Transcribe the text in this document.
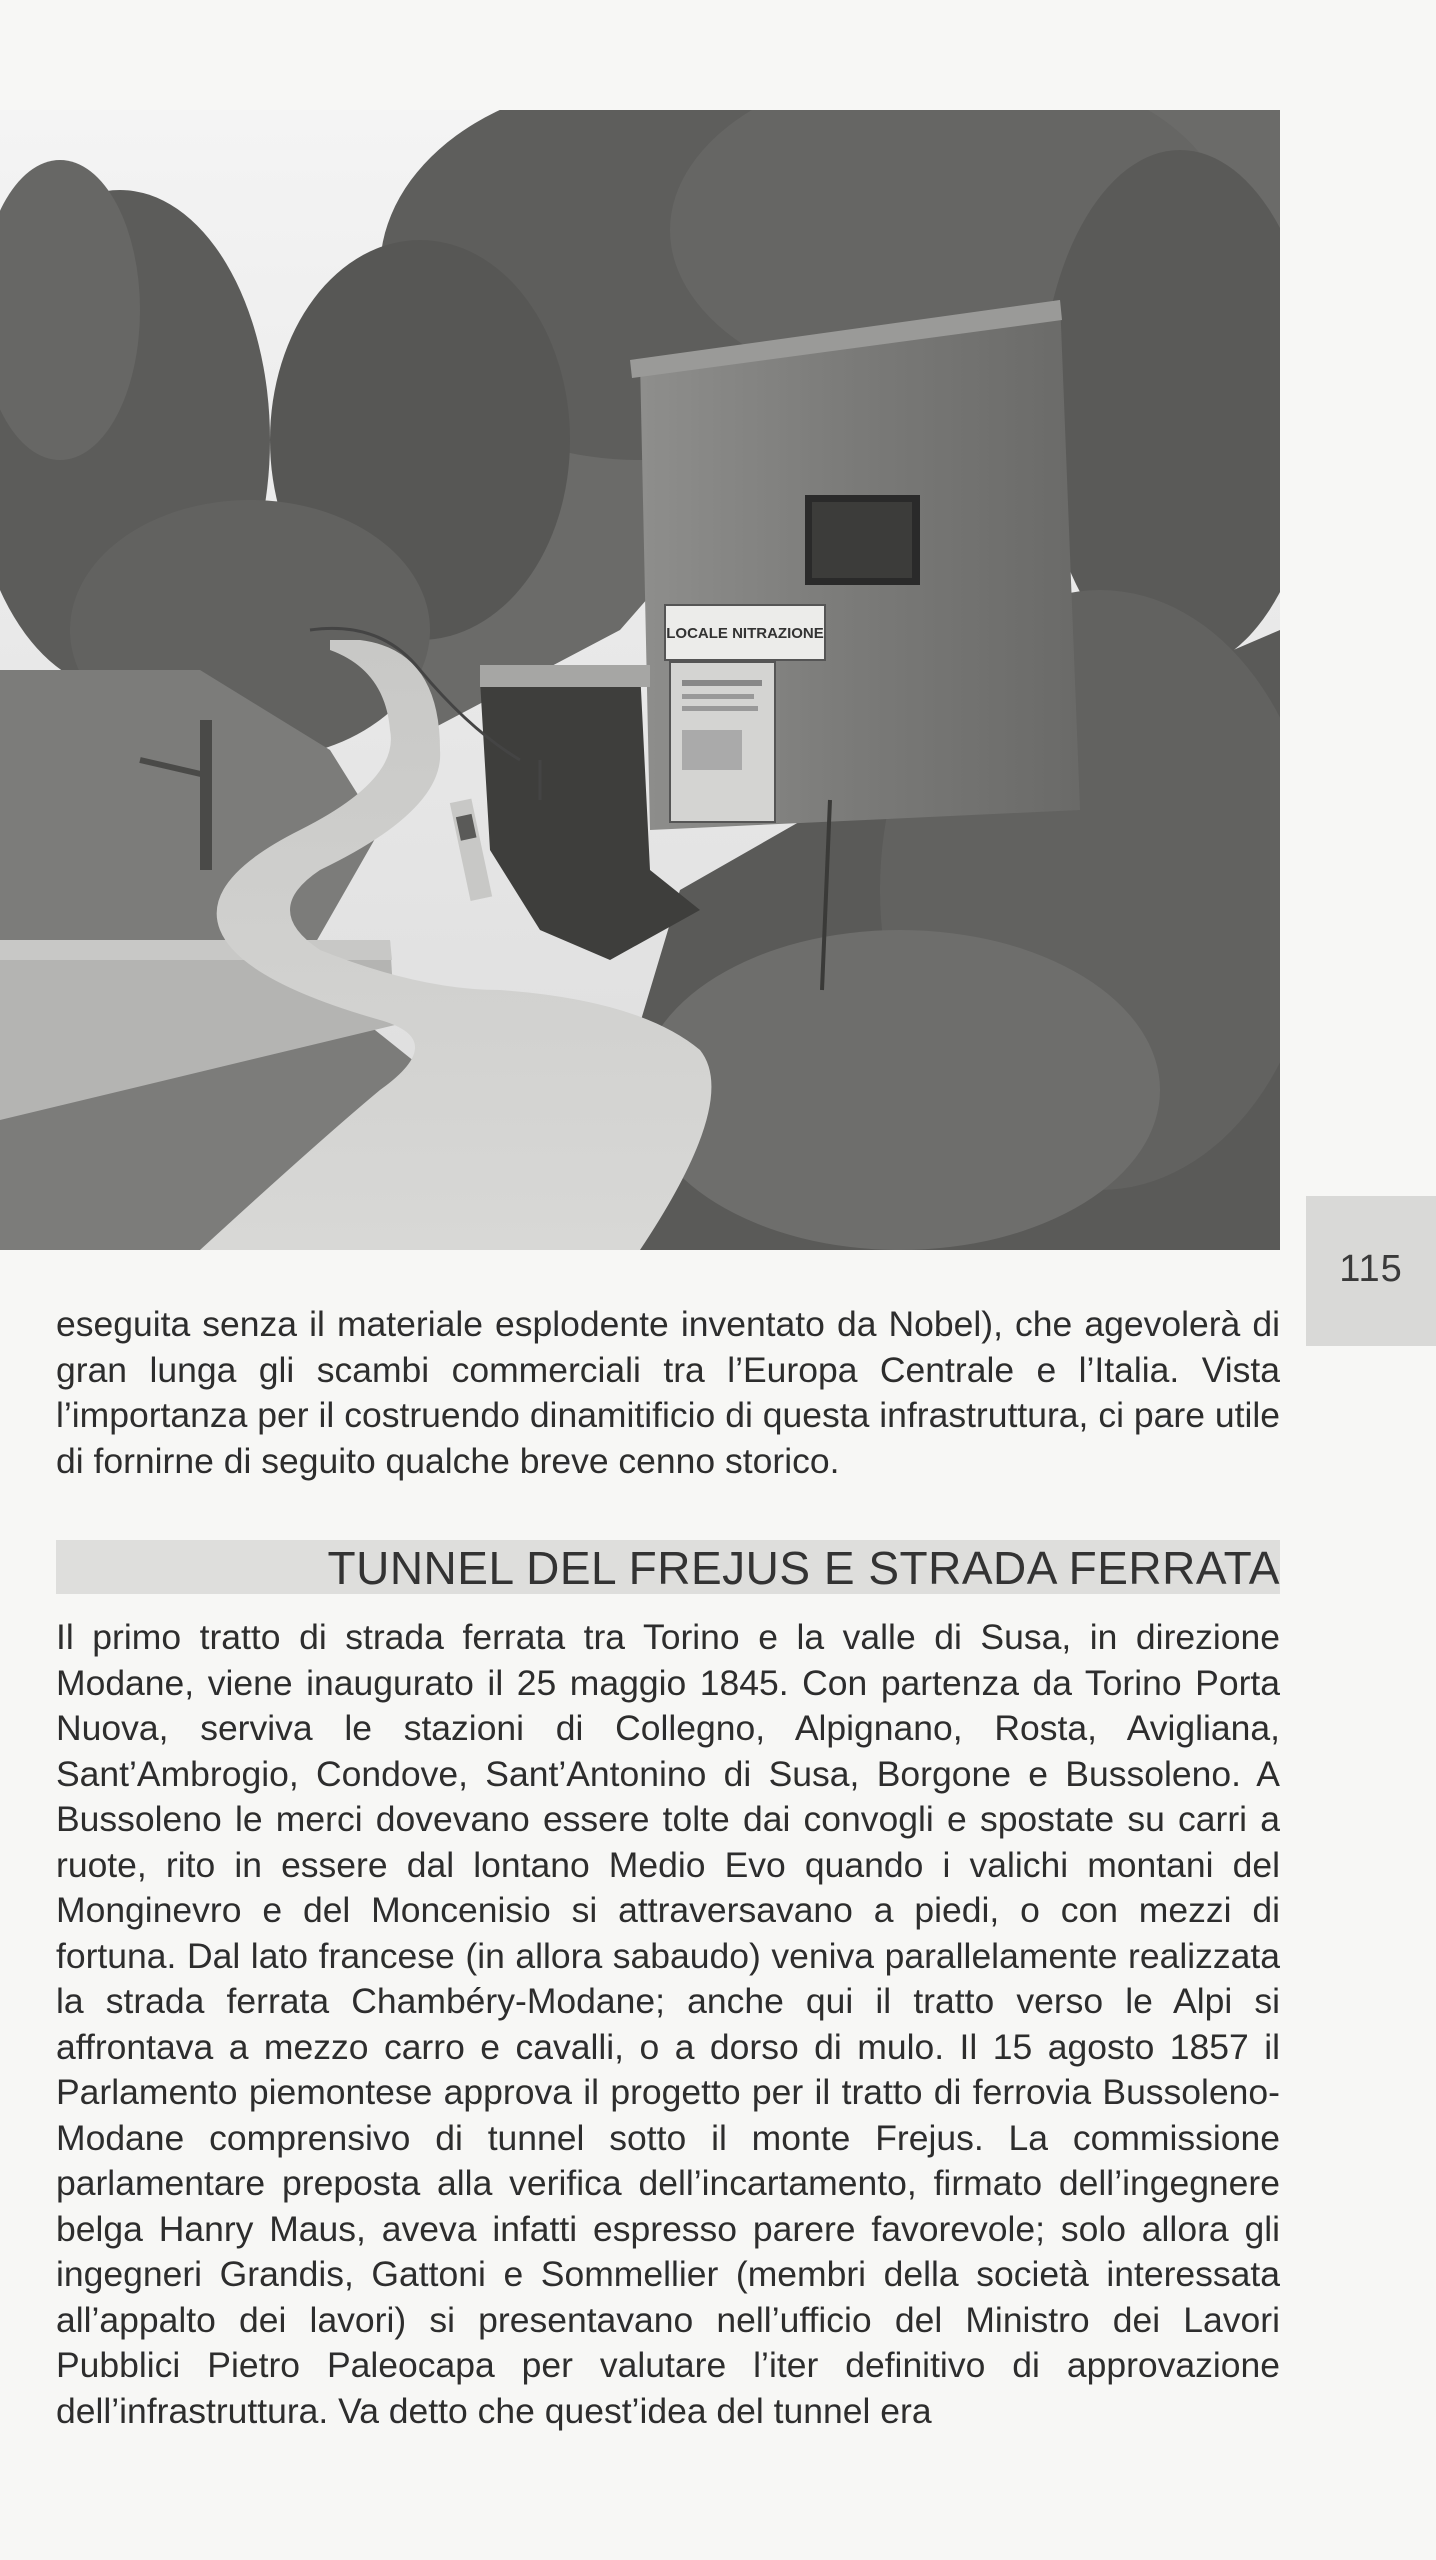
LOCALE NITRAZIONE
115

eseguita senza il materiale esplodente inventato da Nobel), che agevolerà di gran lunga gli scambi commerciali tra l’Europa Centrale e l’Italia. Vista l’importanza per il costruendo dinamitificio di questa infrastruttura, ci pare utile di fornirne di seguito qualche breve cenno storico.

TUNNEL DEL FREJUS E STRADA FERRATA

Il primo tratto di strada ferrata tra Torino e la valle di Susa, in direzione Modane, viene inaugurato il 25 maggio 1845. Con partenza da Torino Porta Nuova, serviva le stazioni di Collegno, Alpignano, Rosta, Avigliana, Sant’Ambrogio, Condove, Sant’Antonino di Susa, Borgone e Bussoleno. A Bussoleno le merci dovevano essere tolte dai convogli e spostate su carri a ruote, rito in essere dal lontano Medio Evo quando i valichi montani del Monginevro e del Moncenisio si attraversavano a piedi, o con mezzi di fortuna. Dal lato francese (in allora sabaudo) veniva parallelamente realizzata la strada ferrata Chambéry-Modane; anche qui il tratto verso le Alpi si affrontava a mezzo carro e cavalli, o a dorso di mulo. Il 15 agosto 1857 il Parlamento piemontese approva il progetto per il tratto di ferrovia Bussoleno-Modane comprensivo di tunnel sotto il monte Frejus. La commissione parlamentare preposta alla verifica dell’incartamento, firmato dell’ingegnere belga Hanry Maus, aveva infatti espresso parere favorevole; solo allora gli ingegneri Grandis, Gattoni e Sommellier (membri della società interessata all’appalto dei lavori) si presentavano nell’ufficio del Ministro dei Lavori Pubblici Pietro Paleocapa per valutare l’iter definitivo di approvazione dell’infrastruttura. Va detto che quest’idea del tunnel era
